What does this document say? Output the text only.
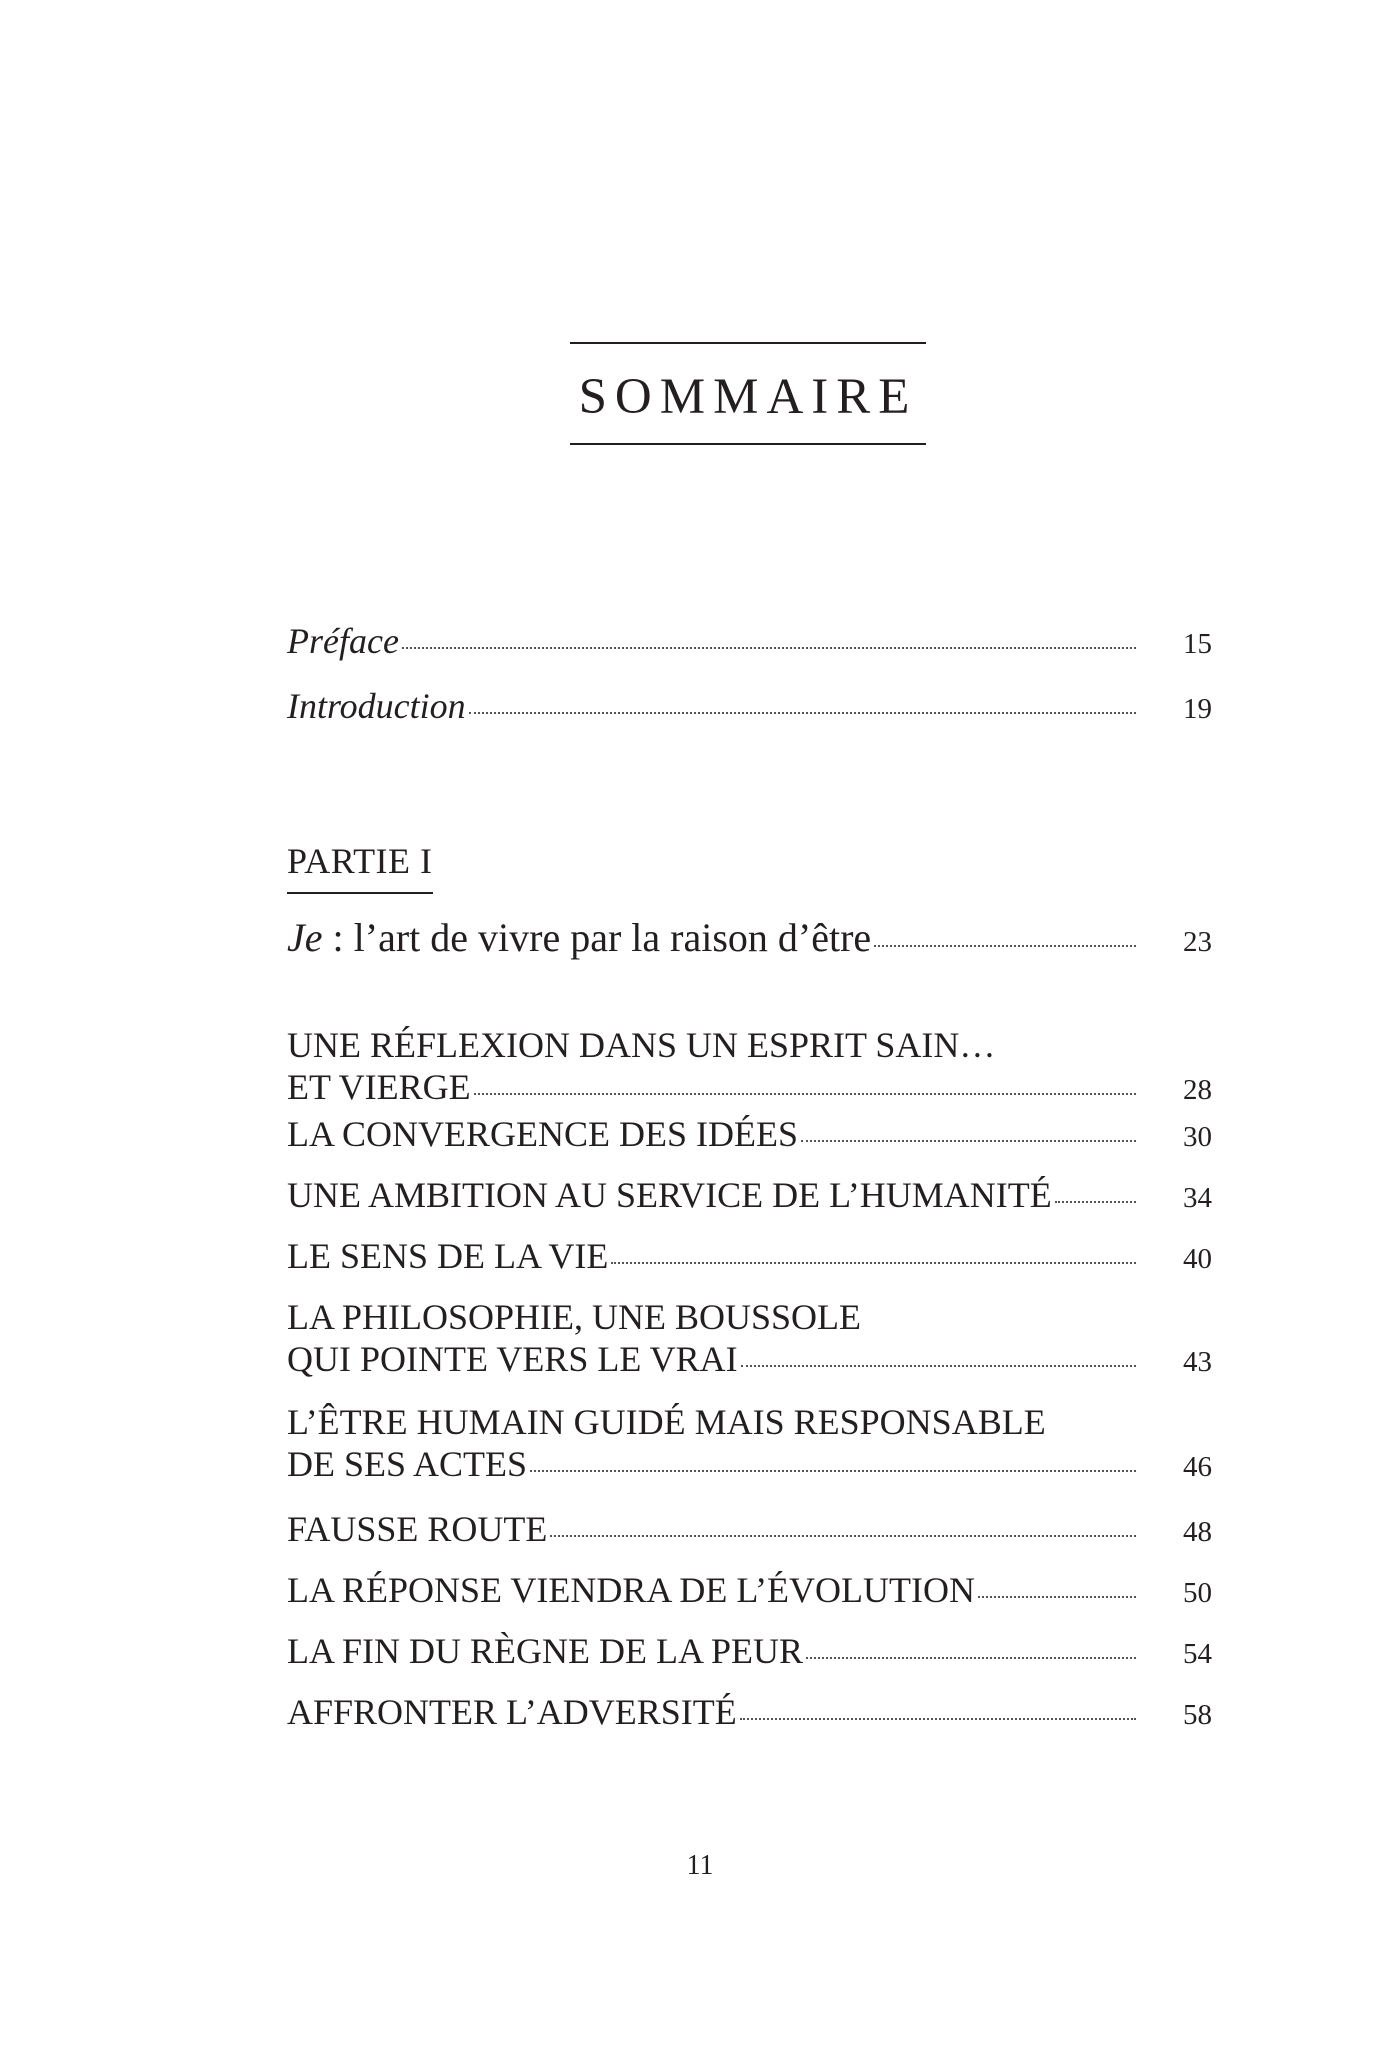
SOMMAIRE
Préface	15
Introduction	19
PARTIE I
Je : l’art de vivre par la raison d’être	23
UNE RÉFLEXION DANS UN ESPRIT SAIN…
ET VIERGE	28
LA CONVERGENCE DES IDÉES	30
UNE AMBITION AU SERVICE DE L’HUMANITÉ	34
LE SENS DE LA VIE	40
LA PHILOSOPHIE, UNE BOUSSOLE
QUI POINTE VERS LE VRAI	43
L’ÊTRE HUMAIN GUIDÉ MAIS RESPONSABLE
DE SES ACTES	46
FAUSSE ROUTE	48
LA RÉPONSE VIENDRA DE L’ÉVOLUTION	50
LA FIN DU RÈGNE DE LA PEUR	54
AFFRONTER L’ADVERSITÉ	58
11
